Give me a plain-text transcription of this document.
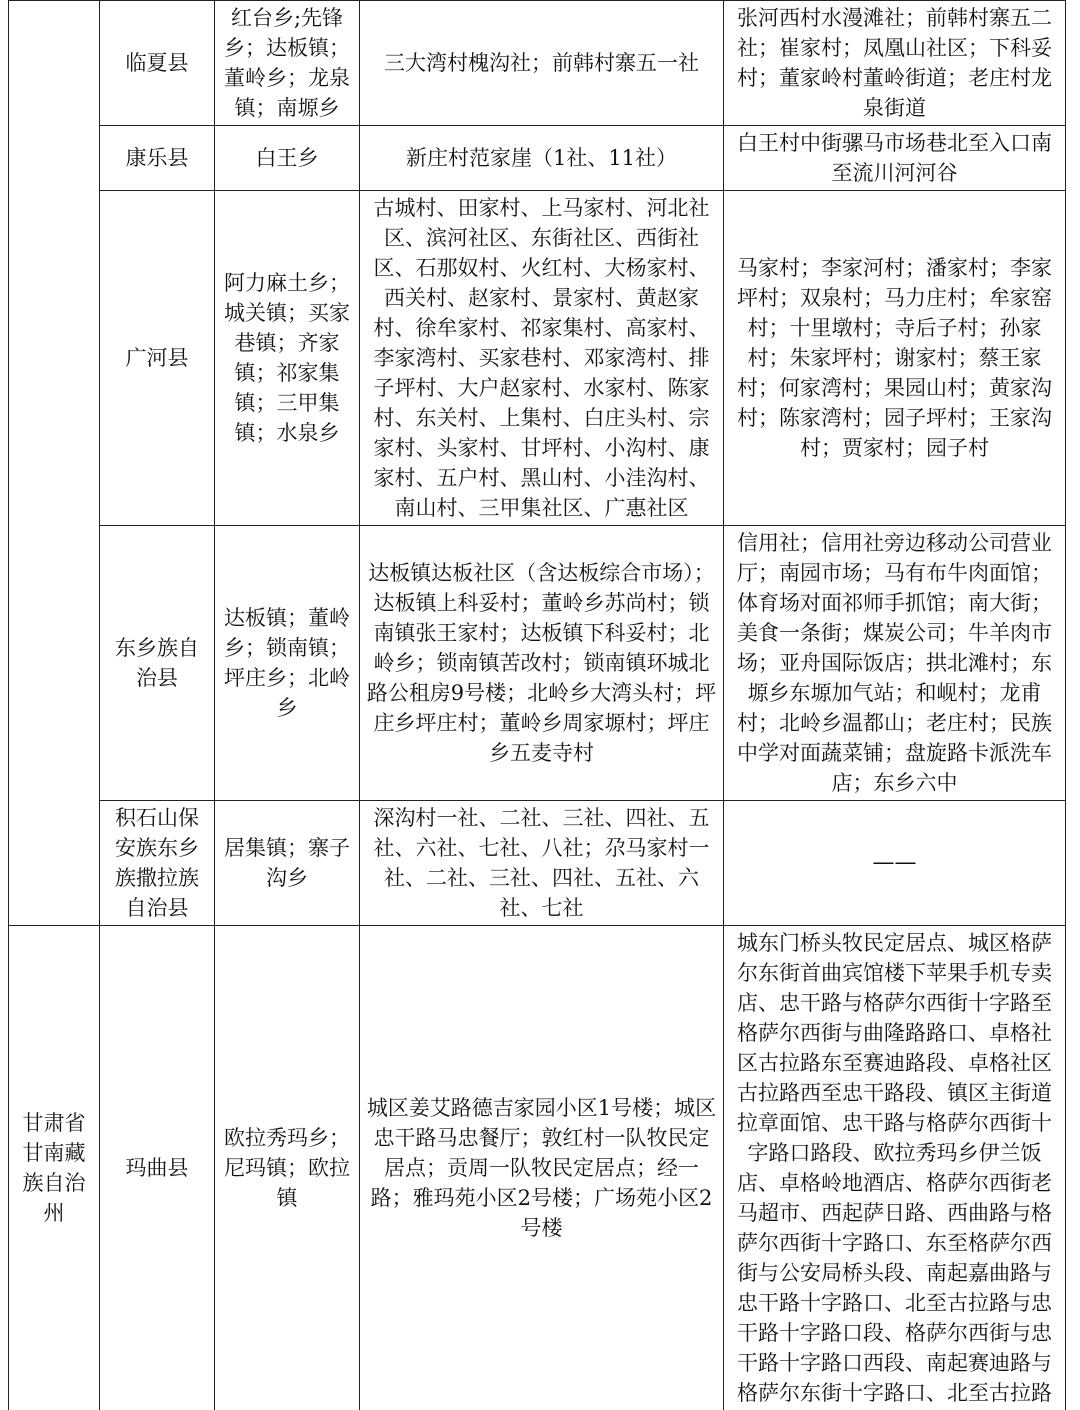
	临夏县	红台乡;先锋乡；达板镇；董岭乡；龙泉镇；南塬乡	三大湾村槐沟社；前韩村寨五一社	张河西村水漫滩社；前韩村寨五二社；崔家村；凤凰山社区；下科妥村；董家岭村董岭街道；老庄村龙泉街道
	康乐县	白王乡	新庄村范家崖（1社、11社）	白王村中街骡马市场巷北至入口南至流川河河谷
	广河县	阿力麻土乡；城关镇；买家巷镇；齐家镇；祁家集镇；三甲集镇；水泉乡	古城村、田家村、上马家村、河北社区、滨河社区、东街社区、西街社区、石那奴村、火红村、大杨家村、西关村、赵家村、景家村、黄赵家村、徐牟家村、祁家集村、高家村、李家湾村、买家巷村、邓家湾村、排子坪村、大户赵家村、水家村、陈家村、东关村、上集村、白庄头村、宗家村、头家村、甘坪村、小沟村、康家村、五户村、黑山村、小洼沟村、南山村、三甲集社区、广惠社区	马家村；李家河村；潘家村；李家坪村；双泉村；马力庄村；牟家窑村；十里墩村；寺后子村；孙家村；朱家坪村；谢家村；蔡王家村；何家湾村；果园山村；黄家沟村；陈家湾村；园子坪村；王家沟村；贾家村；园子村
	东乡族自治县	达板镇；董岭乡；锁南镇；坪庄乡；北岭乡	达板镇达板社区（含达板综合市场）；达板镇上科妥村；董岭乡苏尚村；锁南镇张王家村；达板镇下科妥村；北岭乡；锁南镇苦改村；锁南镇环城北路公租房9号楼；北岭乡大湾头村；坪庄乡坪庄村；董岭乡周家塬村；坪庄乡五麦寺村	信用社；信用社旁边移动公司营业厅；南园市场；马有布牛肉面馆；体育场对面祁师手抓馆；南大街；美食一条街；煤炭公司；牛羊肉市场；亚舟国际饭店；拱北滩村；东塬乡东塬加气站；和岘村；龙甫村；北岭乡温都山；老庄村；民族中学对面蔬菜铺；盘旋路卡派洗车店；东乡六中
	积石山保安族东乡族撒拉族自治县	居集镇；寨子沟乡	深沟村一社、二社、三社、四社、五社、六社、七社、八社；尕马家村一社、二社、三社、四社、五社、六社、七社	——
甘肃省甘南藏族自治州	玛曲县	欧拉秀玛乡；尼玛镇；欧拉镇	城区姜艾路德吉家园小区1号楼；城区忠干路马忠餐厅；敦红村一队牧民定居点；贡周一队牧民定居点；经一路；雅玛苑小区2号楼；广场苑小区2号楼	城东门桥头牧民定居点、城区格萨尔东街首曲宾馆楼下苹果手机专卖店、忠干路与格萨尔西街十字路至格萨尔西街与曲隆路路口、卓格社区古拉路东至赛迪路段、卓格社区古拉路西至忠干路段、镇区主街道拉章面馆、忠干路与格萨尔西街十字路口路段、欧拉秀玛乡伊兰饭店、卓格岭地酒店、格萨尔西街老马超市、西起萨日路、西曲路与格萨尔西街十字路口、东至格萨尔西街与公安局桥头段、南起嘉曲路与忠干路十字路口、北至古拉路与忠干路十字路口段、格萨尔西街与忠干路十字路口西段、南起赛迪路与格萨尔东街十字路口、北至古拉路
